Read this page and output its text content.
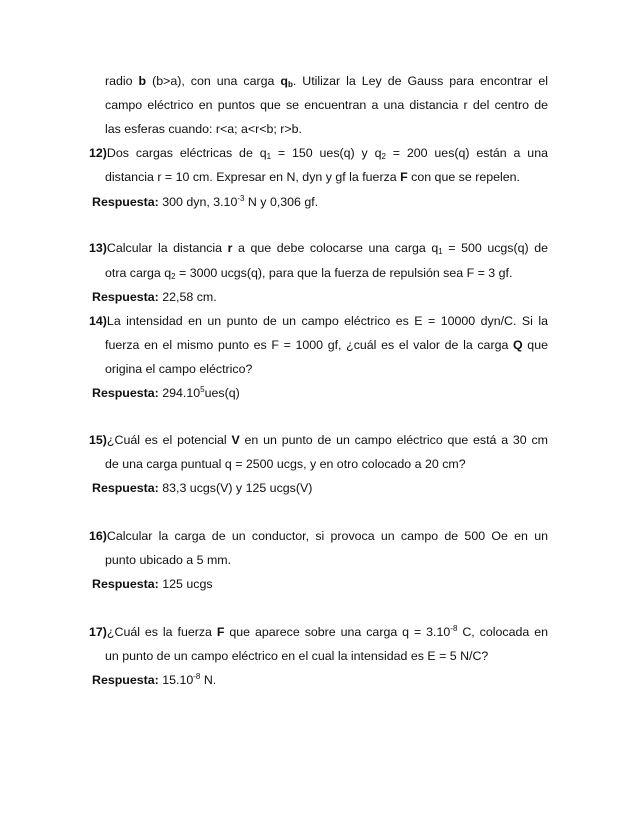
radio b (b>a), con una carga $q_b$. Utilizar la Ley de Gauss para encontrar el
campo eléctrico en puntos que se encuentran a una distancia r del centro de
las esferas cuando: r<a; a<r<b; r>b.
12)Dos cargas eléctricas de $q_1 = 150$ ues(q) y $q_2 = 200$ ues(q) están a una
distancia r = 10 cm. Expresar en N, dyn y gf la fuerza F con que se repelen.
Respuesta: 300 dyn, $3.10^{-3}$ N y 0,306 gf.
13)Calcular la distancia r a que debe colocarse una carga $q_1 = 500$ ucgs(q) de
otra carga $q_2 = 3000$ ucgs(q), para que la fuerza de repulsión sea F = 3 gf.
Respuesta: 22,58 cm.
14)La intensidad en un punto de un campo eléctrico es E = 10000 dyn/C. Si la
fuerza en el mismo punto es F = 1000 gf, ¿cuál es el valor de la carga Q que
origina el campo eléctrico?
Respuesta: 294.10$^5$ues(q)
15)¿Cuál es el potencial V en un punto de un campo eléctrico que está a 30 cm
de una carga puntual q = 2500 ucgs, y en otro colocado a 20 cm?
Respuesta: 83,3 ucgs(V) y 125 ucgs(V)
16)Calcular la carga de un conductor, si provoca un campo de 500 Oe en un
punto ubicado a 5 mm.
Respuesta: 125 ucgs
17)¿Cuál es la fuerza F que aparece sobre una carga $q = 3.10^{-8}$ C, colocada en
un punto de un campo eléctrico en el cual la intensidad es E = 5 N/C?
Respuesta: $15.10^{-8}$ N.
